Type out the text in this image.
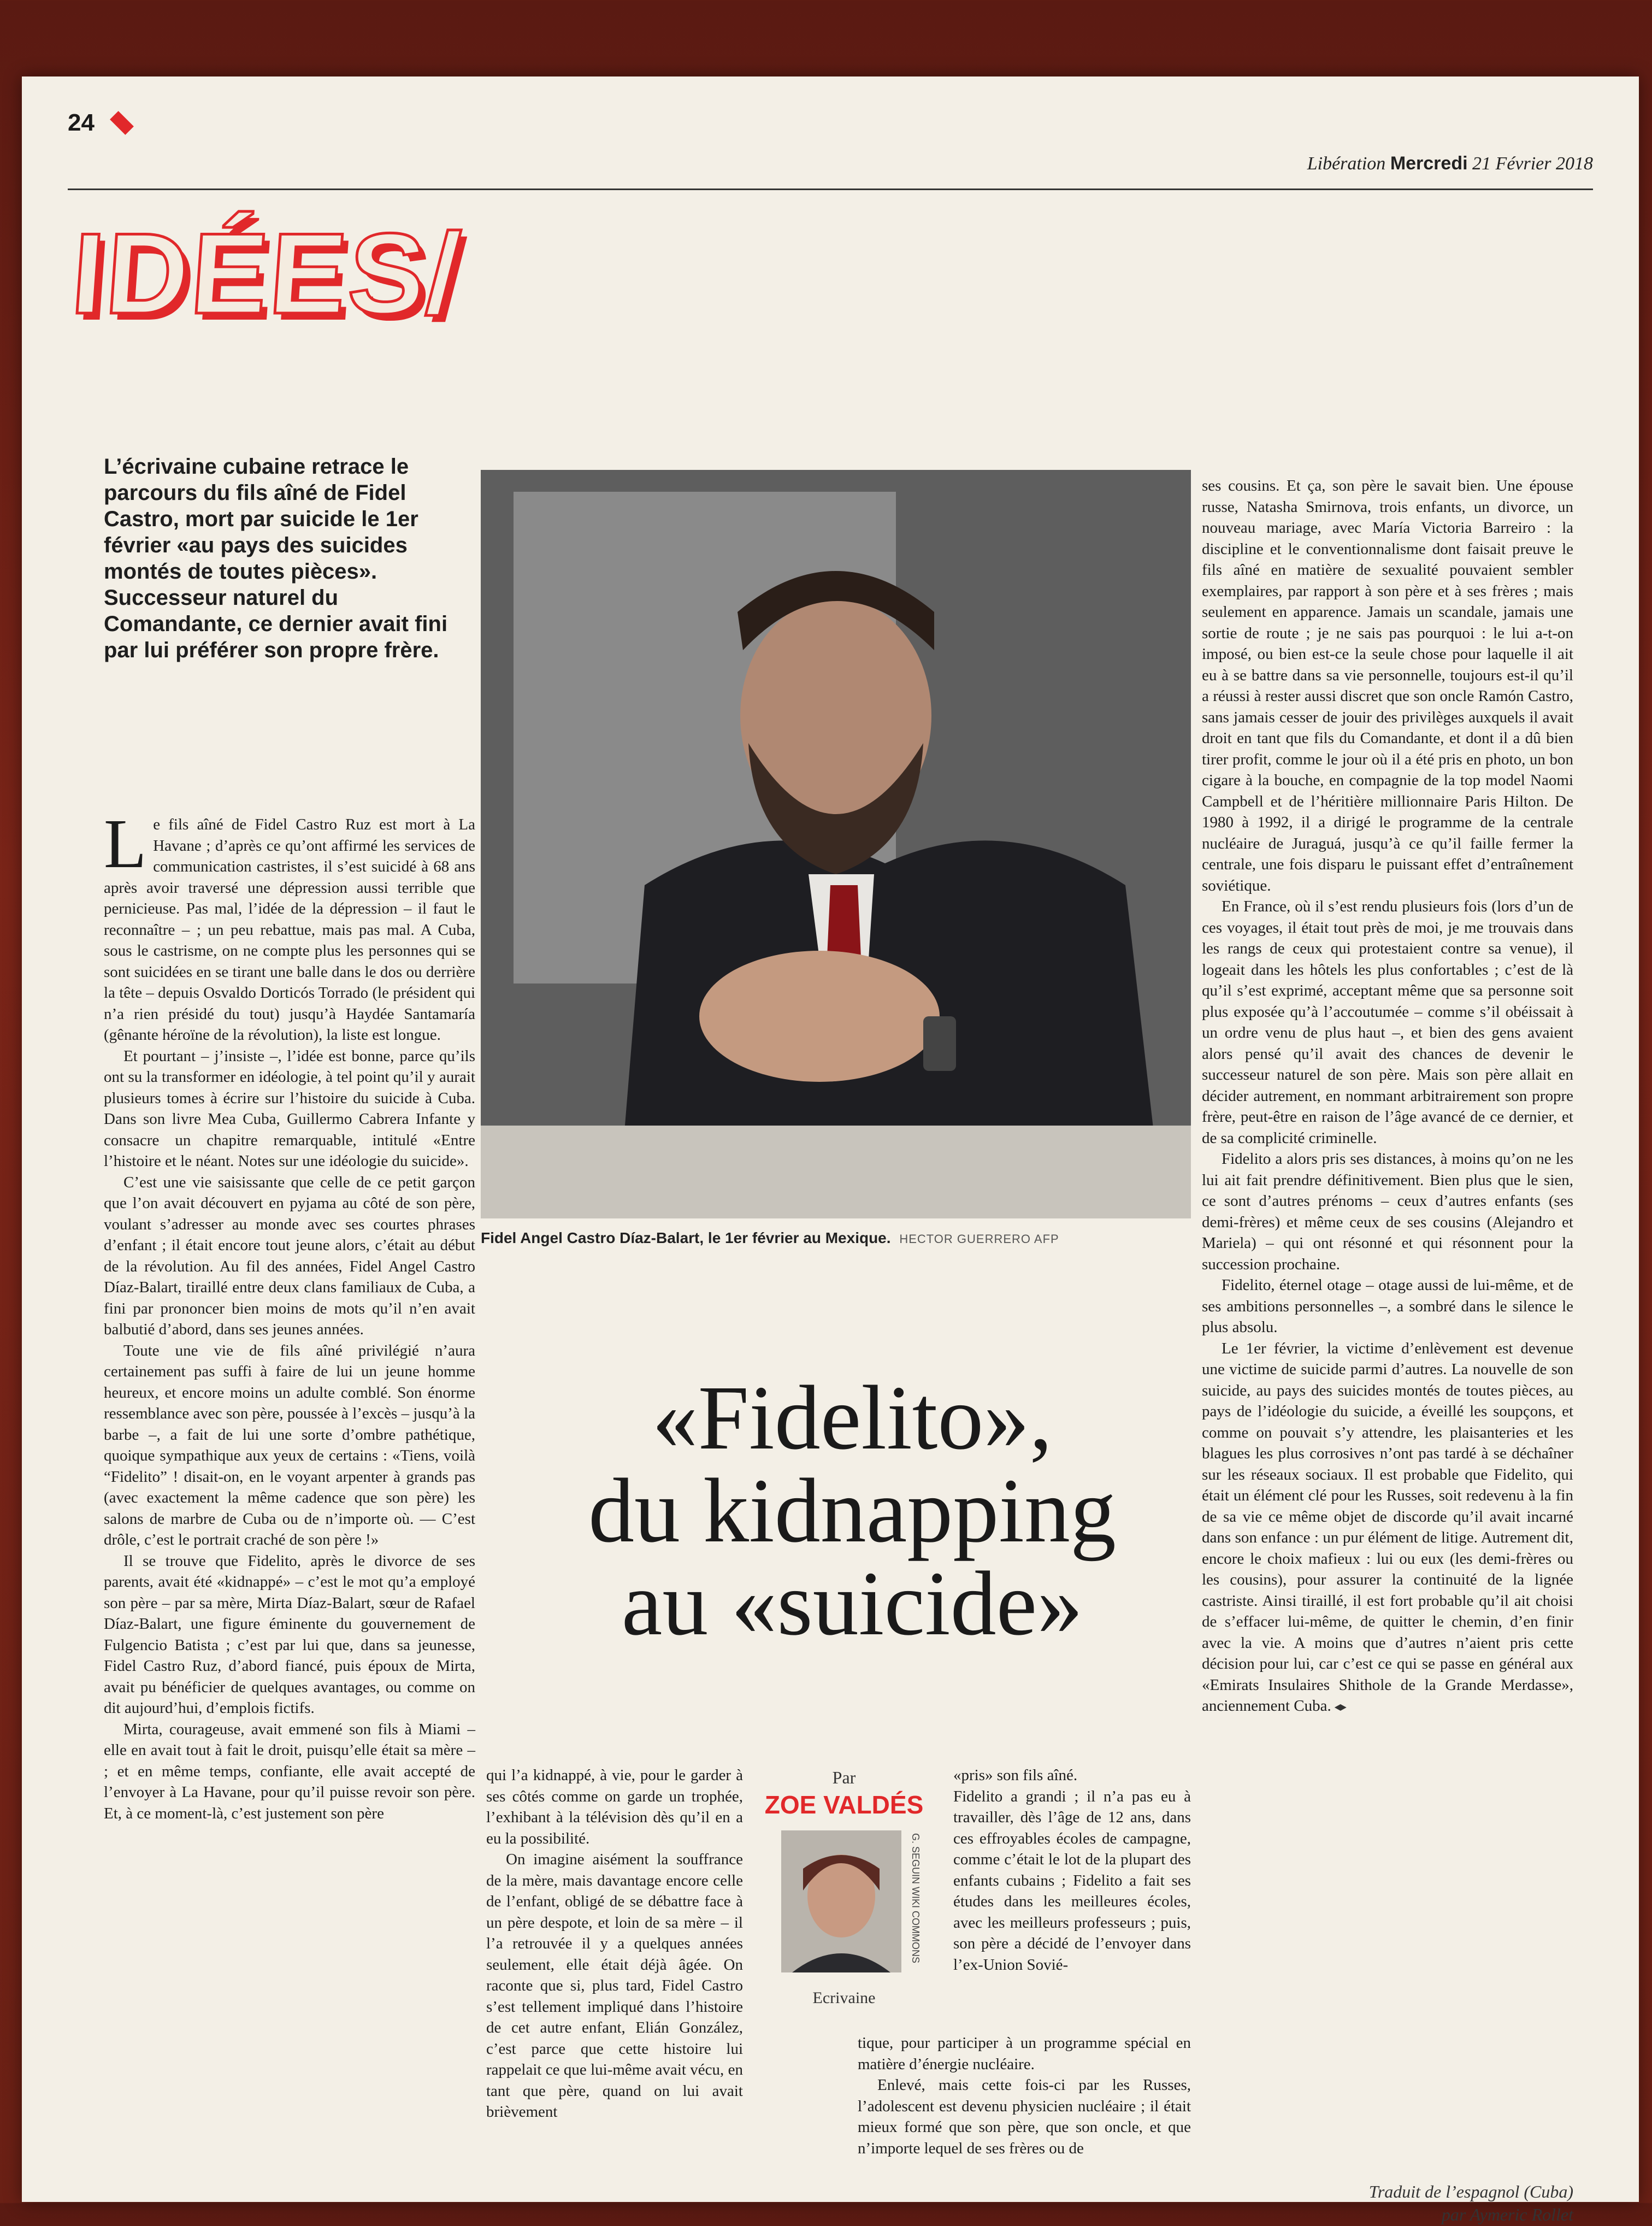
24
Libération Mercredi 21 Février 2018
IDÉES/
L’écrivaine cubaine retrace le parcours du fils aîné de Fidel Castro, mort par suicide le 1er février «au pays des suicides montés de toutes pièces». Successeur naturel du Comandante, ce dernier avait fini par lui préférer son propre frère.

Le fils aîné de Fidel Castro Ruz est mort à La Havane ; d’après ce qu’ont affirmé les services de communication castristes, il s’est suicidé à 68 ans après avoir traversé une dépression aussi terrible que pernicieuse. Pas mal, l’idée de la dépression – il faut le reconnaître – ; un peu rebattue, mais pas mal. A Cuba, sous le castrisme, on ne compte plus les personnes qui se sont suicidées en se tirant une balle dans le dos ou derrière la tête – depuis Osvaldo Dorticós Torrado (le président qui n’a rien présidé du tout) jusqu’à Haydée Santamaría (gênante héroïne de la révolution), la liste est longue.

Et pourtant – j’insiste –, l’idée est bonne, parce qu’ils ont su la transformer en idéologie, à tel point qu’il y aurait plusieurs tomes à écrire sur l’histoire du suicide à Cuba. Dans son livre Mea Cuba, Guillermo Cabrera Infante y consacre un chapitre remarquable, intitulé «Entre l’histoire et le néant. Notes sur une idéologie du suicide».

C’est une vie saisissante que celle de ce petit garçon que l’on avait découvert en pyjama au côté de son père, voulant s’adresser au monde avec ses courtes phrases d’enfant ; il était encore tout jeune alors, c’était au début de la révolution. Au fil des années, Fidel Angel Castro Díaz-Balart, tiraillé entre deux clans familiaux de Cuba, a fini par prononcer bien moins de mots qu’il n’en avait balbutié d’abord, dans ses jeunes années.

Toute une vie de fils aîné privilégié n’aura certainement pas suffi à faire de lui un jeune homme heureux, et encore moins un adulte comblé. Son énorme ressemblance avec son père, poussée à l’excès – jusqu’à la barbe –, a fait de lui une sorte d’ombre pathétique, quoique sympathique aux yeux de certains : «Tiens, voilà “Fidelito” ! disait-on, en le voyant arpenter à grands pas (avec exactement la même cadence que son père) les salons de marbre de Cuba ou de n’importe où. — C’est drôle, c’est le portrait craché de son père !»

Il se trouve que Fidelito, après le divorce de ses parents, avait été «kidnappé» – c’est le mot qu’a employé son père – par sa mère, Mirta Díaz-Balart, sœur de Rafael Díaz-Balart, une figure éminente du gouvernement de Fulgencio Batista ; c’est par lui que, dans sa jeunesse, Fidel Castro Ruz, d’abord fiancé, puis époux de Mirta, avait pu bénéficier de quelques avantages, ou comme on dit aujourd’hui, d’emplois fictifs.

Mirta, courageuse, avait emmené son fils à Miami – elle en avait tout à fait le droit, puisqu’elle était sa mère – ; et en même temps, confiante, elle avait accepté de l’envoyer à La Havane, pour qu’il puisse revoir son père. Et, à ce moment-là, c’est justement son père

Fidel Angel Castro Díaz-Balart, le 1er février au Mexique. HECTOR GUERRERO AFP

ses cousins. Et ça, son père le savait bien. Une épouse russe, Natasha Smirnova, trois enfants, un divorce, un nouveau mariage, avec María Victoria Barreiro : la discipline et le conventionnalisme dont faisait preuve le fils aîné en matière de sexualité pouvaient sembler exemplaires, par rapport à son père et à ses frères ; mais seulement en apparence. Jamais un scandale, jamais une sortie de route ; je ne sais pas pourquoi : le lui a-t-on imposé, ou bien est-ce la seule chose pour laquelle il ait eu à se battre dans sa vie personnelle, toujours est-il qu’il a réussi à rester aussi discret que son oncle Ramón Castro, sans jamais cesser de jouir des privilèges auxquels il avait droit en tant que fils du Comandante, et dont il a dû bien tirer profit, comme le jour où il a été pris en photo, un bon cigare à la bouche, en compagnie de la top model Naomi Campbell et de l’héritière millionnaire Paris Hilton. De 1980 à 1992, il a dirigé le programme de la centrale nucléaire de Juraguá, jusqu’à ce qu’il faille fermer la centrale, une fois disparu le puissant effet d’entraînement soviétique.

En France, où il s’est rendu plusieurs fois (lors d’un de ces voyages, il était tout près de moi, je me trouvais dans les rangs de ceux qui protestaient contre sa venue), il logeait dans les hôtels les plus confortables ; c’est de là qu’il s’est exprimé, acceptant même que sa personne soit plus exposée qu’à l’accoutumée – comme s’il obéissait à un ordre venu de plus haut –, et bien des gens avaient alors pensé qu’il avait des chances de devenir le successeur naturel de son père. Mais son père allait en décider autrement, en nommant arbitrairement son propre frère, peut-être en raison de l’âge avancé de ce dernier, et de sa complicité criminelle.

Fidelito a alors pris ses distances, à moins qu’on ne les lui ait fait prendre définitivement. Bien plus que le sien, ce sont d’autres prénoms – ceux d’autres enfants (ses demi-frères) et même ceux de ses cousins (Alejandro et Mariela) – qui ont résonné et qui résonnent pour la succession prochaine.

Fidelito, éternel otage – otage aussi de lui-même, et de ses ambitions personnelles –, a sombré dans le silence le plus absolu.

Le 1er février, la victime d’enlèvement est devenue une victime de suicide parmi d’autres. La nouvelle de son suicide, au pays des suicides montés de toutes pièces, au pays de l’idéologie du suicide, a éveillé les soupçons, et comme on pouvait s’y attendre, les plaisanteries et les blagues les plus corrosives n’ont pas tardé à se déchaîner sur les réseaux sociaux. Il est probable que Fidelito, qui était un élément clé pour les Russes, soit redevenu à la fin de sa vie ce même objet de discorde qu’il avait incarné dans son enfance : un pur élément de litige. Autrement dit, encore le choix mafieux : lui ou eux (les demi-frères ou les cousins), pour assurer la continuité de la lignée castriste. Ainsi tiraillé, il est fort probable qu’il ait choisi de s’effacer lui-même, de quitter le chemin, d’en finir avec la vie. A moins que d’autres n’aient pris cette décision pour lui, car c’est ce qui se passe en général aux «Emirats Insulaires Shithole de la Grande Merdasse», anciennement Cuba.

«Fidelito»,
du kidnapping
au «suicide»

qui l’a kidnappé, à vie, pour le garder à ses côtés comme on garde un trophée, l’exhibant à la télévision dès qu’il en a eu la possibilité.

On imagine aisément la souffrance de la mère, mais davantage encore celle de l’enfant, obligé de se débattre face à un père despote, et loin de sa mère – il l’a retrouvée il y a quelques années seulement, elle était déjà âgée. On raconte que si, plus tard, Fidel Castro s’est tellement impliqué dans l’histoire de cet autre enfant, Elián González, c’est parce que cette histoire lui rappelait ce que lui-même avait vécu, en tant que père, quand on lui avait brièvement

Par
ZOE VALDÉS
G. SEGUIN WIKI COMMONS
Ecrivaine

«pris» son fils aîné.

Fidelito a grandi ; il n’a pas eu à travailler, dès l’âge de 12 ans, dans ces effroyables écoles de campagne, comme c’était le lot de la plupart des enfants cubains ; Fidelito a fait ses études dans les meilleures écoles, avec les meilleurs professeurs ; puis, son père a décidé de l’envoyer dans l’ex-Union Sovié-

tique, pour participer à un programme spécial en matière d’énergie nucléaire.

Enlevé, mais cette fois-ci par les Russes, l’adolescent est devenu physicien nucléaire ; il était mieux formé que son père, que son oncle, et que n’importe lequel de ses frères ou de

Traduit de l’espagnol (Cuba)
par Aymeric Rollet
